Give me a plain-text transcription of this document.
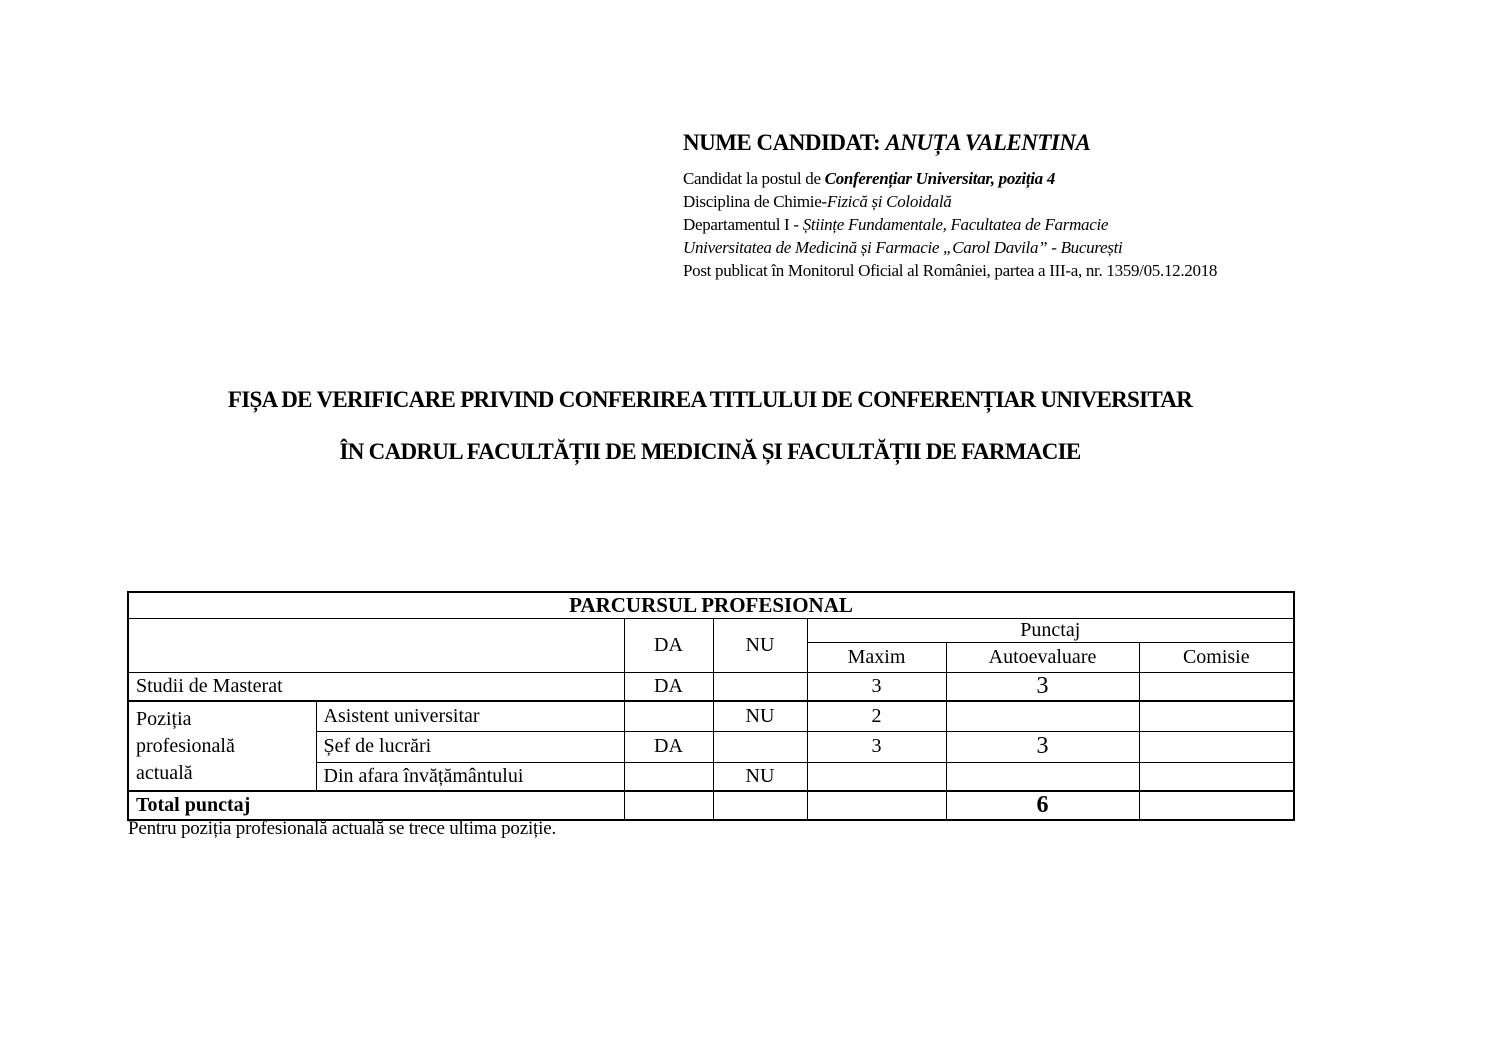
NUME CANDIDAT: ANUȚA VALENTINA
Candidat la postul de Conferențiar Universitar, poziția 4
Disciplina de Chimie-Fizică și Coloidală
Departamentul I - Științe Fundamentale, Facultatea de Farmacie
Universitatea de Medicină și Farmacie „Carol Davila” - București
Post publicat în Monitorul Oficial al României, partea a III-a, nr. 1359/05.12.2018
FIȘA DE VERIFICARE PRIVIND CONFERIREA TITLULUI DE CONFERENȚIAR UNIVERSITAR
ÎN CADRUL FACULTĂȚII DE MEDICINĂ ȘI FACULTĂȚII DE FARMACIE
PARCURSUL PROFESIONAL						
		DA	NU	Punctaj		
				Maxim	Autoevaluare	Comisie
Studii de Masterat		DA		3	3	
Poziția profesională actuală	Asistent universitar		NU	2		
	Șef de lucrări	DA		3	3	
	Din afara învățământului		NU			
Total punctaj					6	
Pentru poziția profesională actuală se trece ultima poziție.
